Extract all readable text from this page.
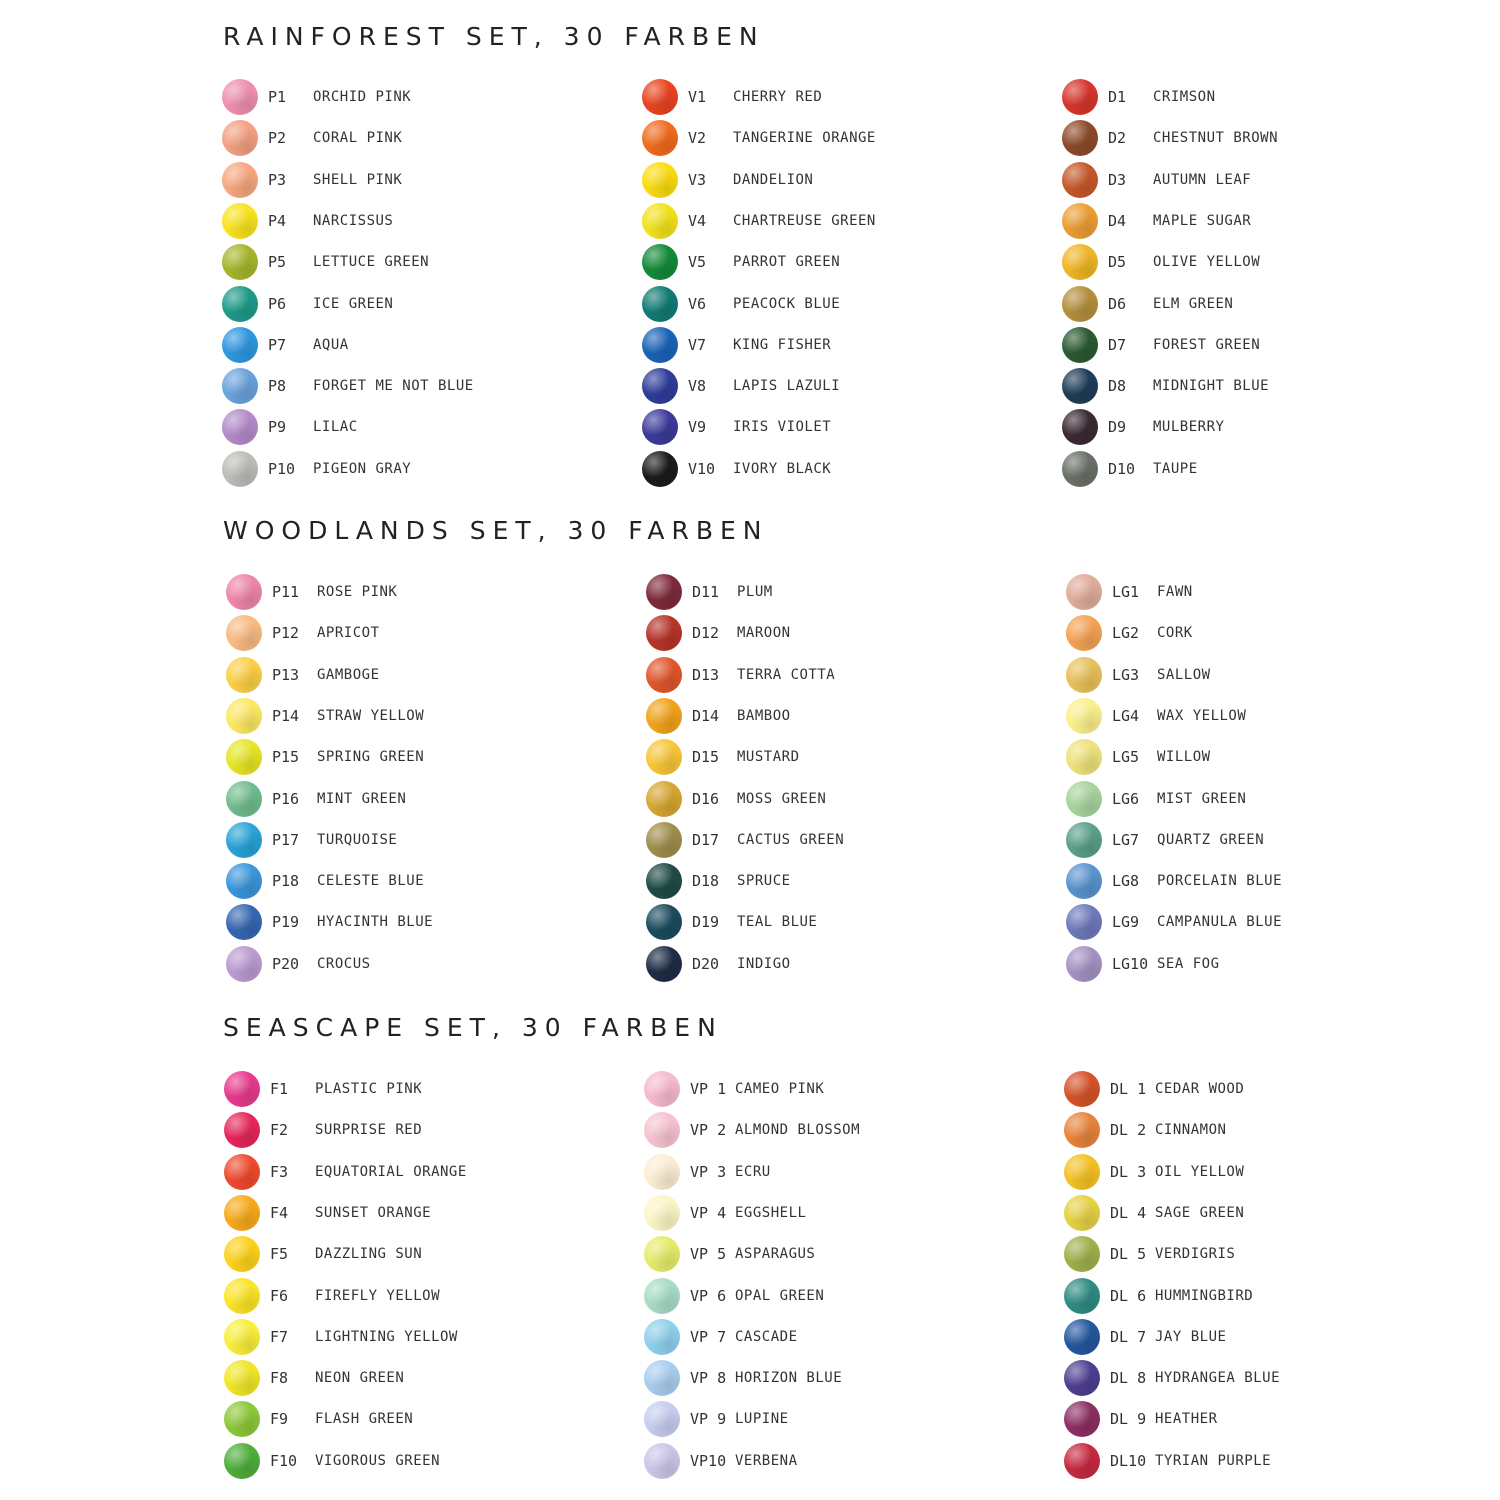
RAINFOREST SET, 30 FARBEN
P1 ORCHID PINK
P2 CORAL PINK
P3 SHELL PINK
P4 NARCISSUS
P5 LETTUCE GREEN
P6 ICE GREEN
P7 AQUA
P8 FORGET ME NOT BLUE
P9 LILAC
P10 PIGEON GRAY
V1 CHERRY RED
V2 TANGERINE ORANGE
V3 DANDELION
V4 CHARTREUSE GREEN
V5 PARROT GREEN
V6 PEACOCK BLUE
V7 KING FISHER
V8 LAPIS LAZULI
V9 IRIS VIOLET
V10 IVORY BLACK
D1 CRIMSON
D2 CHESTNUT BROWN
D3 AUTUMN LEAF
D4 MAPLE SUGAR
D5 OLIVE YELLOW
D6 ELM GREEN
D7 FOREST GREEN
D8 MIDNIGHT BLUE
D9 MULBERRY
D10 TAUPE
WOODLANDS SET, 30 FARBEN
P11 ROSE PINK
P12 APRICOT
P13 GAMBOGE
P14 STRAW YELLOW
P15 SPRING GREEN
P16 MINT GREEN
P17 TURQUOISE
P18 CELESTE BLUE
P19 HYACINTH BLUE
P20 CROCUS
D11 PLUM
D12 MAROON
D13 TERRA COTTA
D14 BAMBOO
D15 MUSTARD
D16 MOSS GREEN
D17 CACTUS GREEN
D18 SPRUCE
D19 TEAL BLUE
D20 INDIGO
LG1 FAWN
LG2 CORK
LG3 SALLOW
LG4 WAX YELLOW
LG5 WILLOW
LG6 MIST GREEN
LG7 QUARTZ GREEN
LG8 PORCELAIN BLUE
LG9 CAMPANULA BLUE
LG10 SEA FOG
SEASCAPE SET, 30 FARBEN
F1 PLASTIC PINK
F2 SURPRISE RED
F3 EQUATORIAL ORANGE
F4 SUNSET ORANGE
F5 DAZZLING SUN
F6 FIREFLY YELLOW
F7 LIGHTNING YELLOW
F8 NEON GREEN
F9 FLASH GREEN
F10 VIGOROUS GREEN
VP 1 CAMEO PINK
VP 2 ALMOND BLOSSOM
VP 3 ECRU
VP 4 EGGSHELL
VP 5 ASPARAGUS
VP 6 OPAL GREEN
VP 7 CASCADE
VP 8 HORIZON BLUE
VP 9 LUPINE
VP10 VERBENA
DL 1 CEDAR WOOD
DL 2 CINNAMON
DL 3 OIL YELLOW
DL 4 SAGE GREEN
DL 5 VERDIGRIS
DL 6 HUMMINGBIRD
DL 7 JAY BLUE
DL 8 HYDRANGEA BLUE
DL 9 HEATHER
DL10 TYRIAN PURPLE
